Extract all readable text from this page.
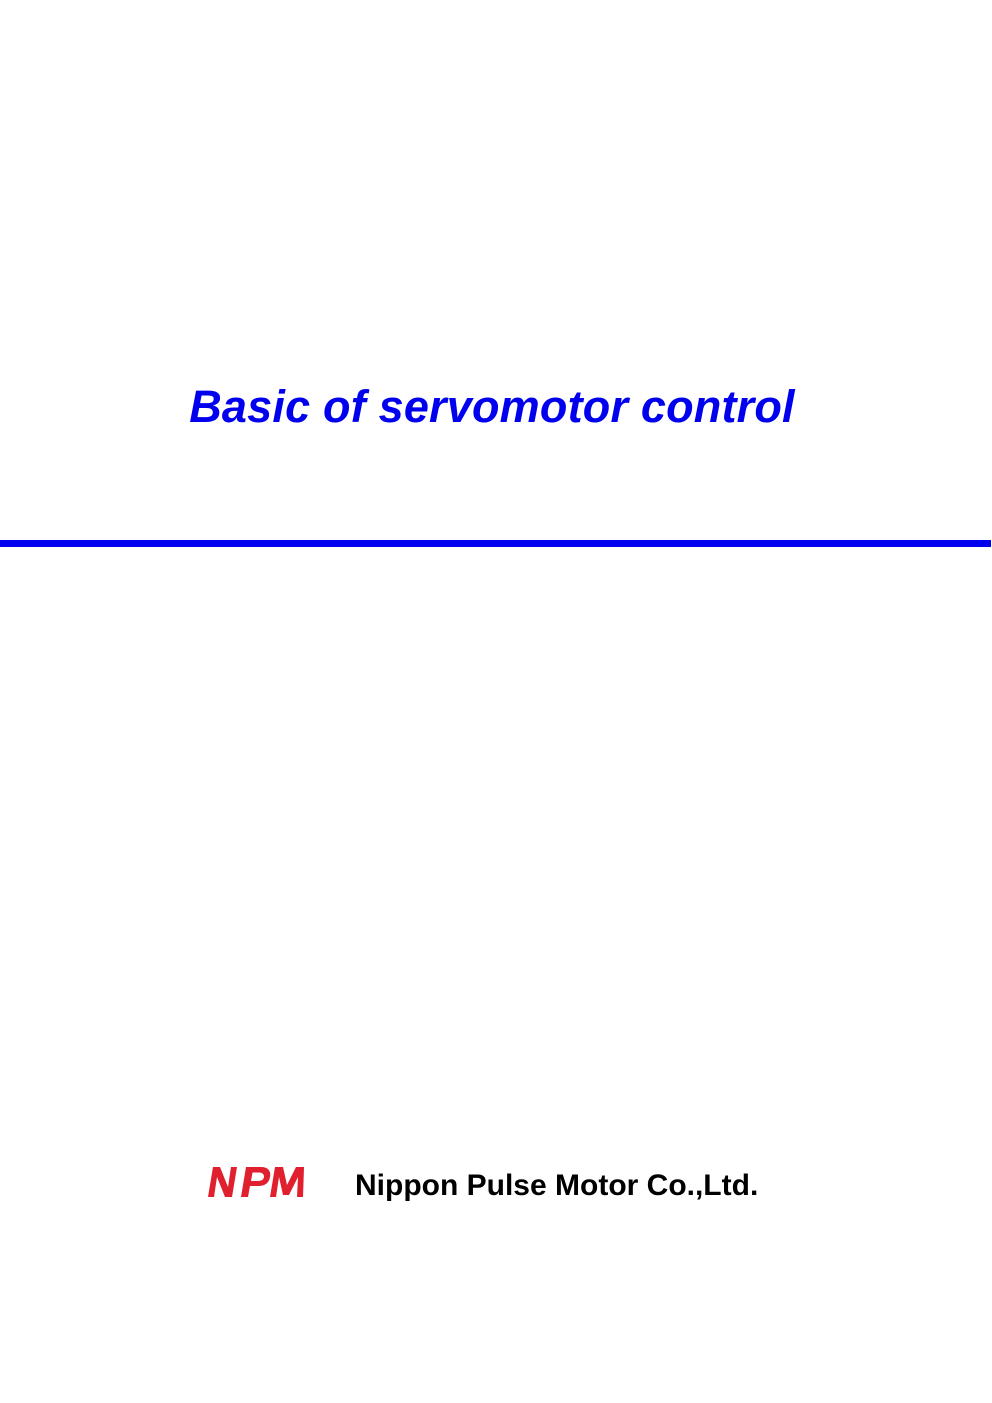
Basic of servomotor control

Nippon Pulse Motor Co.,Ltd.
